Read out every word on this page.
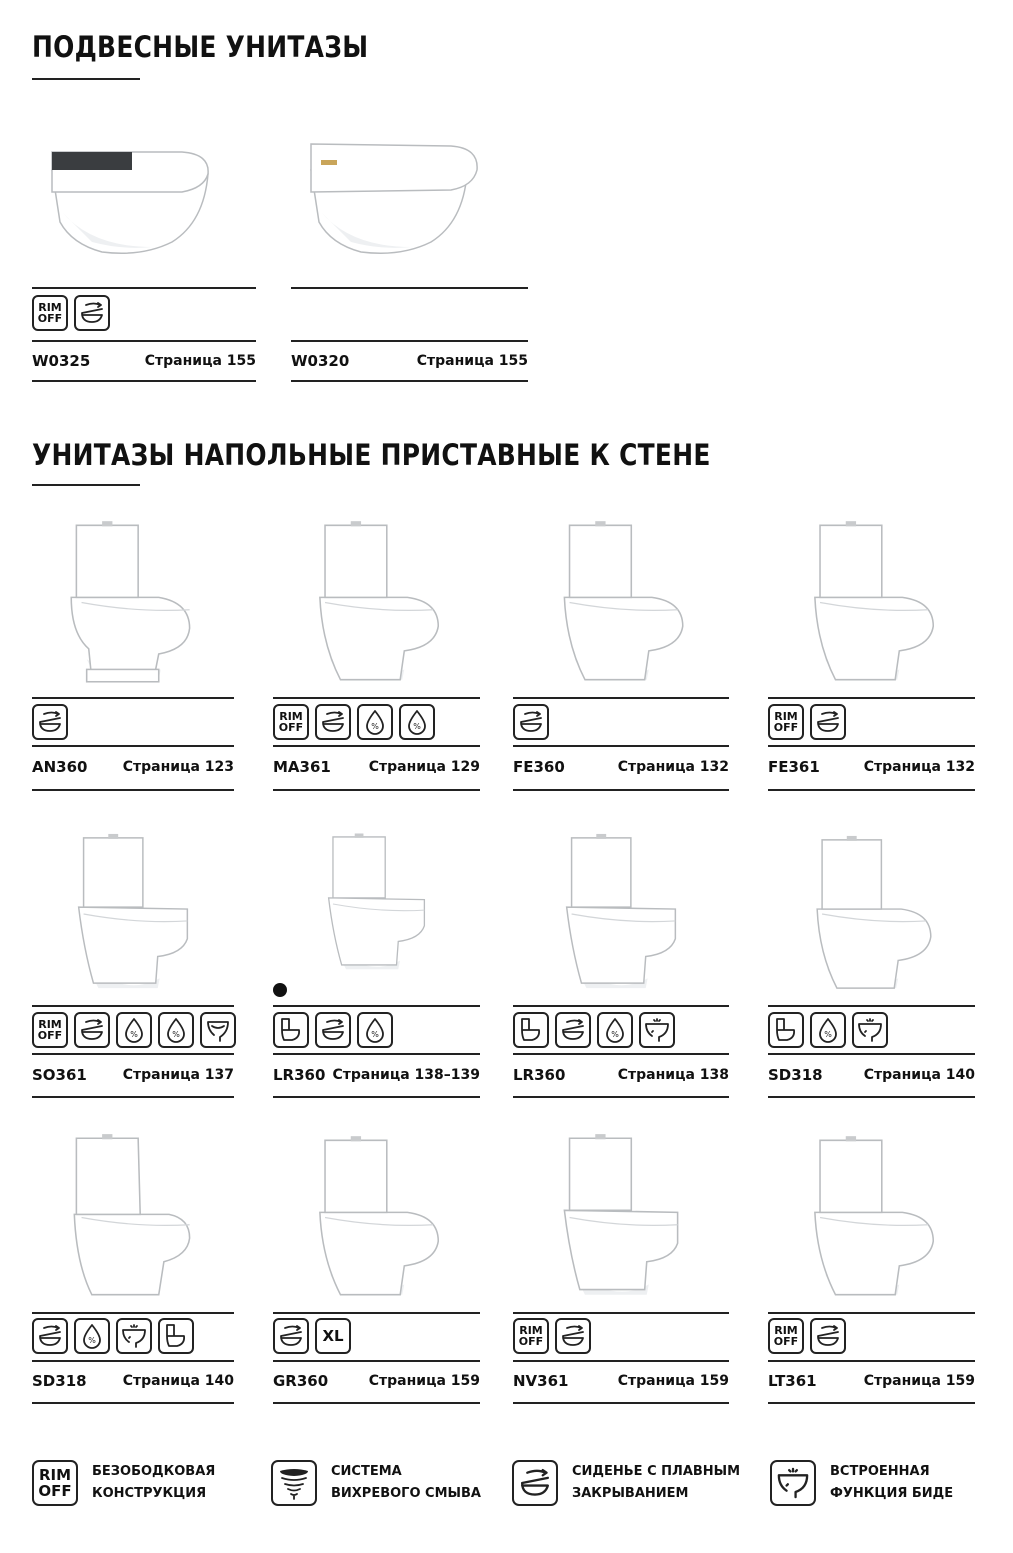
ПОДВЕСНЫЕ УНИТАЗЫ
УНИТАЗЫ НАПОЛЬНЫЕ ПРИСТАВНЫЕ К СТЕНЕ
RIM
OFF
W0325	Страница 155 W0320	Страница 155
AN360	Страница 123
RIM
OFF	%	%
MA361	Страница 129 FE360	Страница 132
RIM
OFF
FE361	Страница 132
RIM
OFF	%	%
SO361	Страница 137
%
LR360 Страница 138–139
%
LR360	Страница 138
%
SD318	Страница 140
%
SD318	Страница 140
XL
GR360	Страница 159
RIM
OFF
NV361	Страница 159
RIM
OFF
LT361	Страница 159
RIM
OFF
БЕЗОБОДКОВАЯ
КОНСТРУКЦИЯ
СИСТЕМА
ВИХРЕВОГО СМЫВА
СИДЕНЬЕ С ПЛАВНЫМ
ЗАКРЫВАНИЕМ
ВСТРОЕННАЯ
ФУНКЦИЯ БИДЕ
